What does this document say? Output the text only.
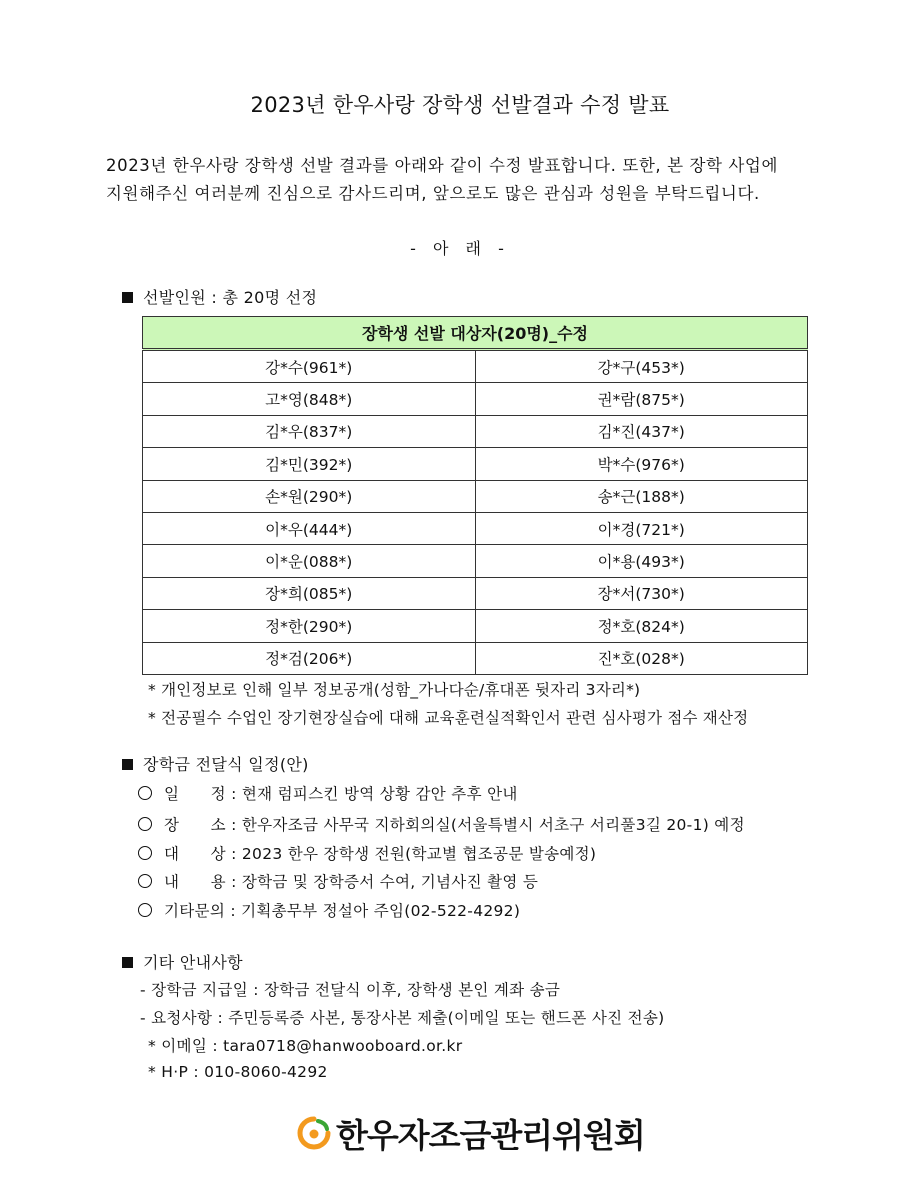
2023년 한우사랑 장학생 선발결과 수정 발표
2023년 한우사랑 장학생 선발 결과를 아래와 같이 수정 발표합니다. 또한, 본 장학 사업에
지원해주신 여러분께 진심으로 감사드리며, 앞으로도 많은 관심과 성원을 부탁드립니다.
- 아 래 -
선발인원 : 총 20명 선정
장학생 선발 대상자(20명)_수정	
강*수(961*)	강*구(453*)
고*영(848*)	권*람(875*)
김*우(837*)	김*진(437*)
김*민(392*)	박*수(976*)
손*원(290*)	송*근(188*)
이*우(444*)	이*경(721*)
이*운(088*)	이*용(493*)
장*희(085*)	장*서(730*)
정*한(290*)	정*호(824*)
정*검(206*)	진*호(028*)
* 개인정보로 인해 일부 정보공개(성함_가나다순/휴대폰 뒷자리 3자리*)
* 전공필수 수업인 장기현장실습에 대해 교육훈련실적확인서 관련 심사평가 점수 재산정
장학금 전달식 일정(안)
일      정 : 현재 럼피스킨 방역 상황 감안 추후 안내
장      소 : 한우자조금 사무국 지하회의실(서울특별시 서초구 서리풀3길 20-1) 예정
대      상 : 2023 한우 장학생 전원(학교별 협조공문 발송예정)
내      용 : 장학금 및 장학증서 수여, 기념사진 촬영 등
기타문의 : 기획총무부 정설아 주임(02-522-4292)
기타 안내사항
- 장학금 지급일 : 장학금 전달식 이후, 장학생 본인 계좌 송금
- 요청사항 : 주민등록증 사본, 통장사본 제출(이메일 또는 핸드폰 사진 전송)
* 이메일 : tara0718@hanwooboard.or.kr
* H·P : 010-8060-4292
한우자조금관리위원회
